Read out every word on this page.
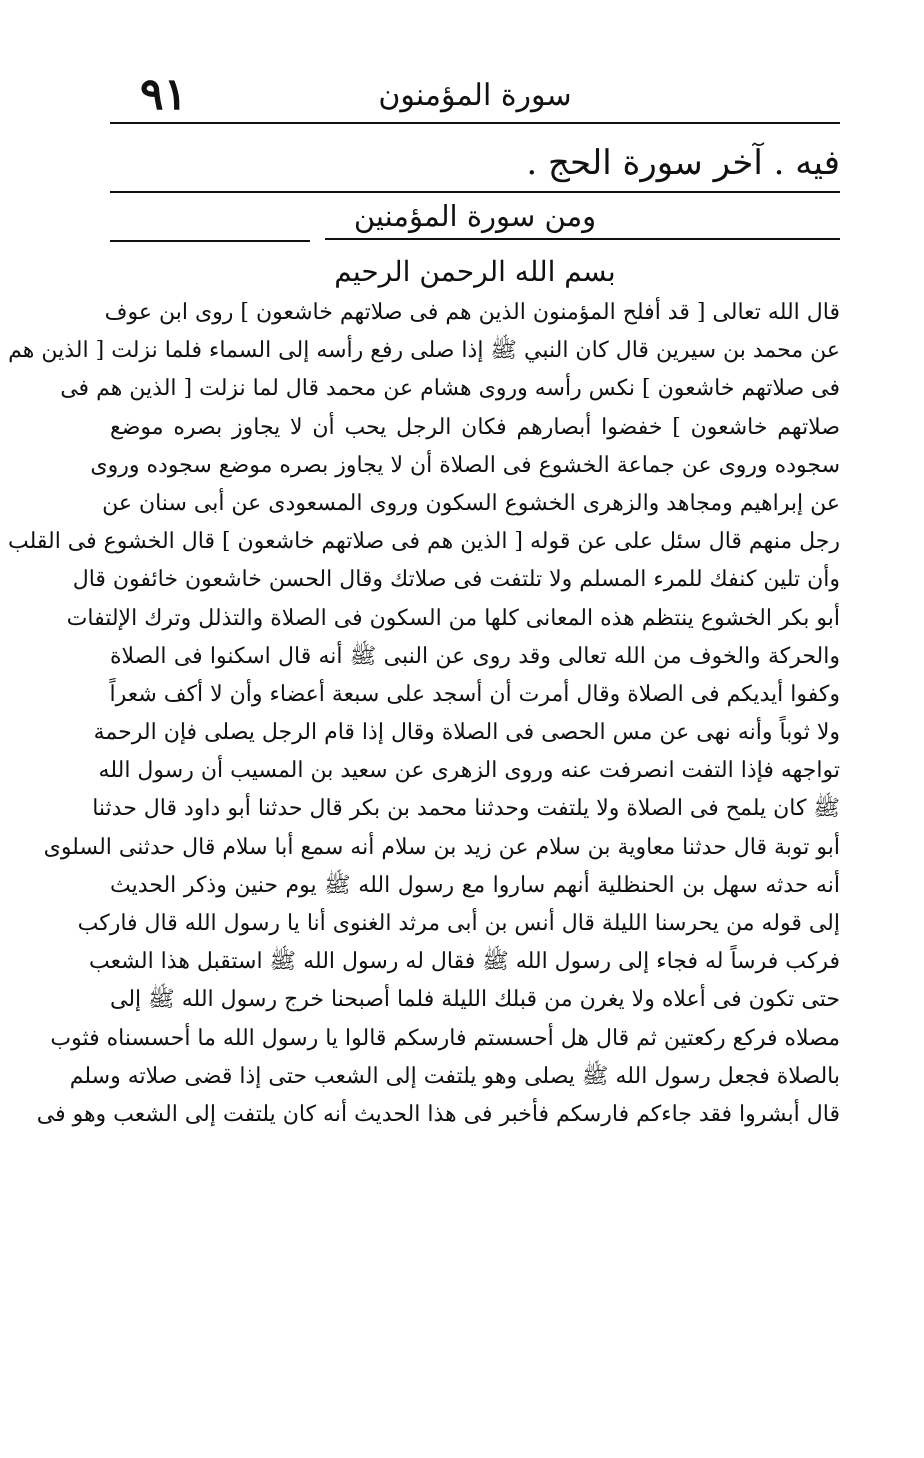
٩١	سورة المؤمنون
فيه . آخر سورة الحج .
ومن سورة المؤمنين
بسم الله الرحمن الرحيم
قال الله تعالى [ قد أفلح المؤمنون الذين هم فى صلاتهم خاشعون ] روى ابن عوف
عن محمد بن سيرين قال كان النبي ﷺ إذا صلى رفع رأسه إلى السماء فلما نزلت [ الذين هم
فى صلاتهم خاشعون ] نكس رأسه وروى هشام عن محمد قال لما نزلت [ الذين هم فى
صلاتهم خاشعون ] خفضوا أبصارهم فكان الرجل يحب أن لا يجاوز بصره موضع
سجوده وروى عن جماعة الخشوع فى الصلاة أن لا يجاوز بصره موضع سجوده وروى
عن إبراهيم ومجاهد والزهرى الخشوع السكون وروى المسعودى عن أبى سنان عن
رجل منهم قال سئل على عن قوله [ الذين هم فى صلاتهم خاشعون ] قال الخشوع فى القلب
وأن تلين كنفك للمرء المسلم ولا تلتفت فى صلاتك وقال الحسن خاشعون خائفون قال
أبو بكر الخشوع ينتظم هذه المعانى كلها من السكون فى الصلاة والتذلل وترك الإلتفات
والحركة والخوف من الله تعالى وقد روى عن النبى ﷺ أنه قال اسكنوا فى الصلاة
وكفوا أيديكم فى الصلاة وقال أمرت أن أسجد على سبعة أعضاء وأن لا أكف شعراً
ولا ثوباً وأنه نهى عن مس الحصى فى الصلاة وقال إذا قام الرجل يصلى فإن الرحمة
تواجهه فإذا التفت انصرفت عنه وروى الزهرى عن سعيد بن المسيب أن رسول الله
ﷺ كان يلمح فى الصلاة ولا يلتفت وحدثنا محمد بن بكر قال حدثنا أبو داود قال حدثنا
أبو توبة قال حدثنا معاوية بن سلام عن زيد بن سلام أنه سمع أبا سلام قال حدثنى السلوى
أنه حدثه سهل بن الحنظلية أنهم ساروا مع رسول الله ﷺ يوم حنين وذكر الحديث
إلى قوله من يحرسنا الليلة قال أنس بن أبى مرثد الغنوى أنا يا رسول الله قال فاركب
فركب فرساً له فجاء إلى رسول الله ﷺ فقال له رسول الله ﷺ استقبل هذا الشعب
حتى تكون فى أعلاه ولا يغرن من قبلك الليلة فلما أصبحنا خرج رسول الله ﷺ إلى
مصلاه فركع ركعتين ثم قال هل أحسستم فارسكم قالوا يا رسول الله ما أحسسناه فثوب
بالصلاة فجعل رسول الله ﷺ يصلى وهو يلتفت إلى الشعب حتى إذا قضى صلاته وسلم
قال أبشروا فقد جاءكم فارسكم فأخبر فى هذا الحديث أنه كان يلتفت إلى الشعب وهو فى
